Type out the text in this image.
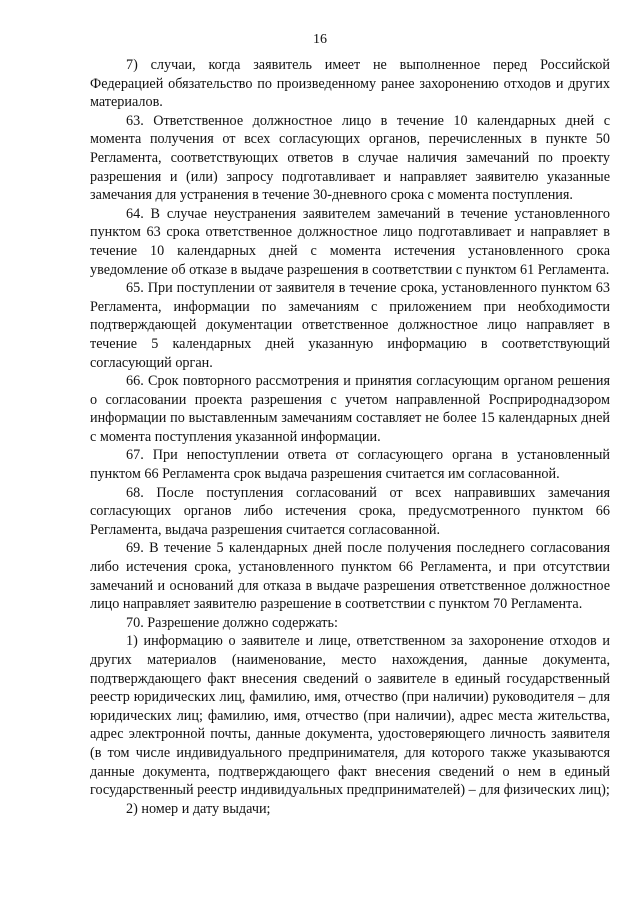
16

7) случаи, когда заявитель имеет не выполненное перед Российской Федерацией обязательство по произведенному ранее захоронению отходов и других материалов.

63. Ответственное должностное лицо в течение 10 календарных дней с момента получения от всех согласующих органов, перечисленных в пункте 50 Регламента, соответствующих ответов в случае наличия замечаний по проекту разрешения и (или) запросу подготавливает и направляет заявителю указанные замечания для устранения в течение 30-дневного срока с момента поступления.

64. В случае неустранения заявителем замечаний в течение установленного пунктом 63 срока ответственное должностное лицо подготавливает и направляет в течение 10 календарных дней с момента истечения установленного срока уведомление об отказе в выдаче разрешения в соответствии с пунктом 61 Регламента.

65. При поступлении от заявителя в течение срока, установленного пунктом 63 Регламента, информации по замечаниям с приложением при необходимости подтверждающей документации ответственное должностное лицо направляет в течение 5 календарных дней указанную информацию в соответствующий согласующий орган.

66. Срок повторного рассмотрения и принятия согласующим органом решения о согласовании проекта разрешения с учетом направленной Росприроднадзором информации по выставленным замечаниям составляет не более 15 календарных дней с момента поступления указанной информации.

67. При непоступлении ответа от согласующего органа в установленный пунктом 66 Регламента срок выдача разрешения считается им согласованной.

68. После поступления согласований от всех направивших замечания согласующих органов либо истечения срока, предусмотренного пунктом 66 Регламента, выдача разрешения считается согласованной.

69. В течение 5 календарных дней после получения последнего согласования либо истечения срока, установленного пунктом 66 Регламента, и при отсутствии замечаний и оснований для отказа в выдаче разрешения ответственное должностное лицо направляет заявителю разрешение в соответствии с пунктом 70 Регламента.

70. Разрешение должно содержать:

1) информацию о заявителе и лице, ответственном за захоронение отходов и других материалов (наименование, место нахождения, данные документа, подтверждающего факт внесения сведений о заявителе в единый государственный реестр юридических лиц, фамилию, имя, отчество (при наличии) руководителя – для юридических лиц; фамилию, имя, отчество (при наличии), адрес места жительства, адрес электронной почты, данные документа, удостоверяющего личность заявителя (в том числе индивидуального предпринимателя, для которого также указываются данные документа, подтверждающего факт внесения сведений о нем в единый государственный реестр индивидуальных предпринимателей) – для физических лиц);

2) номер и дату выдачи;
